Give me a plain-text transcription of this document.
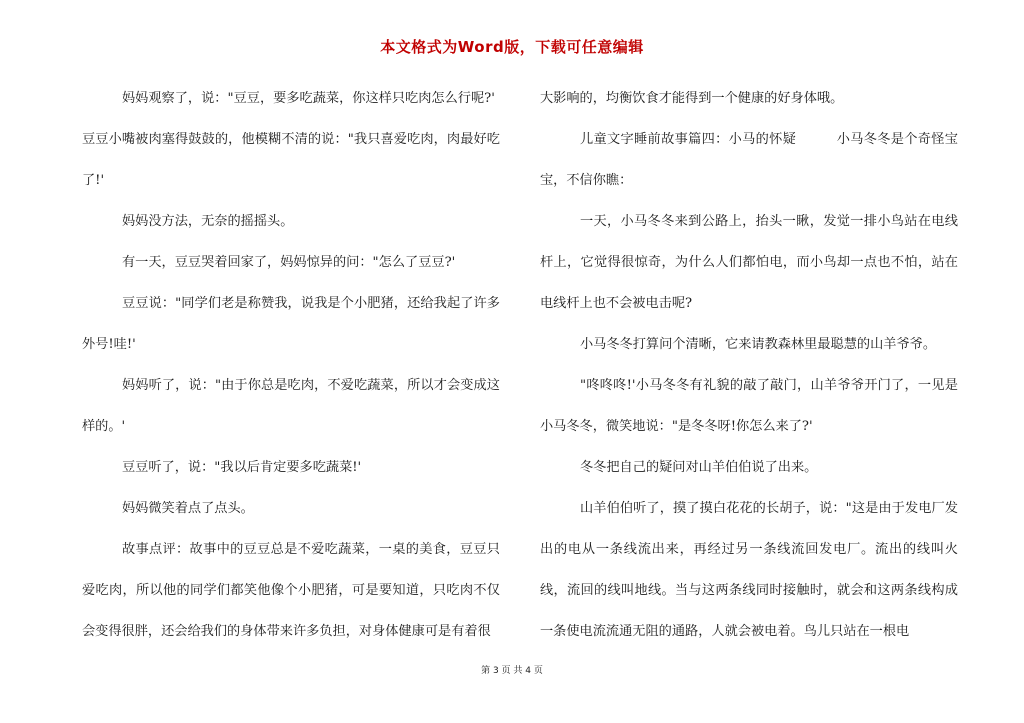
本文格式为Word版，下载可任意编辑

妈妈观察了，说："豆豆，要多吃蔬菜，你这样只吃肉怎么行呢?'

豆豆小嘴被肉塞得鼓鼓的，他模糊不清的说："我只喜爱吃肉，肉最好吃了!'

妈妈没方法，无奈的摇摇头。

有一天，豆豆哭着回家了，妈妈惊异的问："怎么了豆豆?'

豆豆说："同学们老是称赞我，说我是个小肥猪，还给我起了许多外号!哇!'

妈妈听了，说："由于你总是吃肉，不爱吃蔬菜，所以才会变成这样的。'

豆豆听了，说："我以后肯定要多吃蔬菜!'

妈妈微笑着点了点头。

故事点评：故事中的豆豆总是不爱吃蔬菜，一桌的美食，豆豆只爱吃肉，所以他的同学们都笑他像个小肥猪，可是要知道，只吃肉不仅会变得很胖，还会给我们的身体带来许多负担，对身体健康可是有着很

大影响的，均衡饮食才能得到一个健康的好身体哦。

儿童文字睡前故事篇四：小马的怀疑　　　小马冬冬是个奇怪宝宝，不信你瞧：

一天，小马冬冬来到公路上，抬头一瞅，发觉一排小鸟站在电线杆上，它觉得很惊奇，为什么人们都怕电，而小鸟却一点也不怕，站在电线杆上也不会被电击呢?

小马冬冬打算问个清晰，它来请教森林里最聪慧的山羊爷爷。

"咚咚咚!'小马冬冬有礼貌的敲了敲门，山羊爷爷开门了，一见是小马冬冬，微笑地说："是冬冬呀!你怎么来了?'

冬冬把自己的疑问对山羊伯伯说了出来。

山羊伯伯听了，摸了摸白花花的长胡子，说："这是由于发电厂发出的电从一条线流出来，再经过另一条线流回发电厂。流出的线叫火线，流回的线叫地线。当与这两条线同时接触时，就会和这两条线构成一条使电流流通无阻的通路，人就会被电着。鸟儿只站在一根电

第 3 页 共 4 页
